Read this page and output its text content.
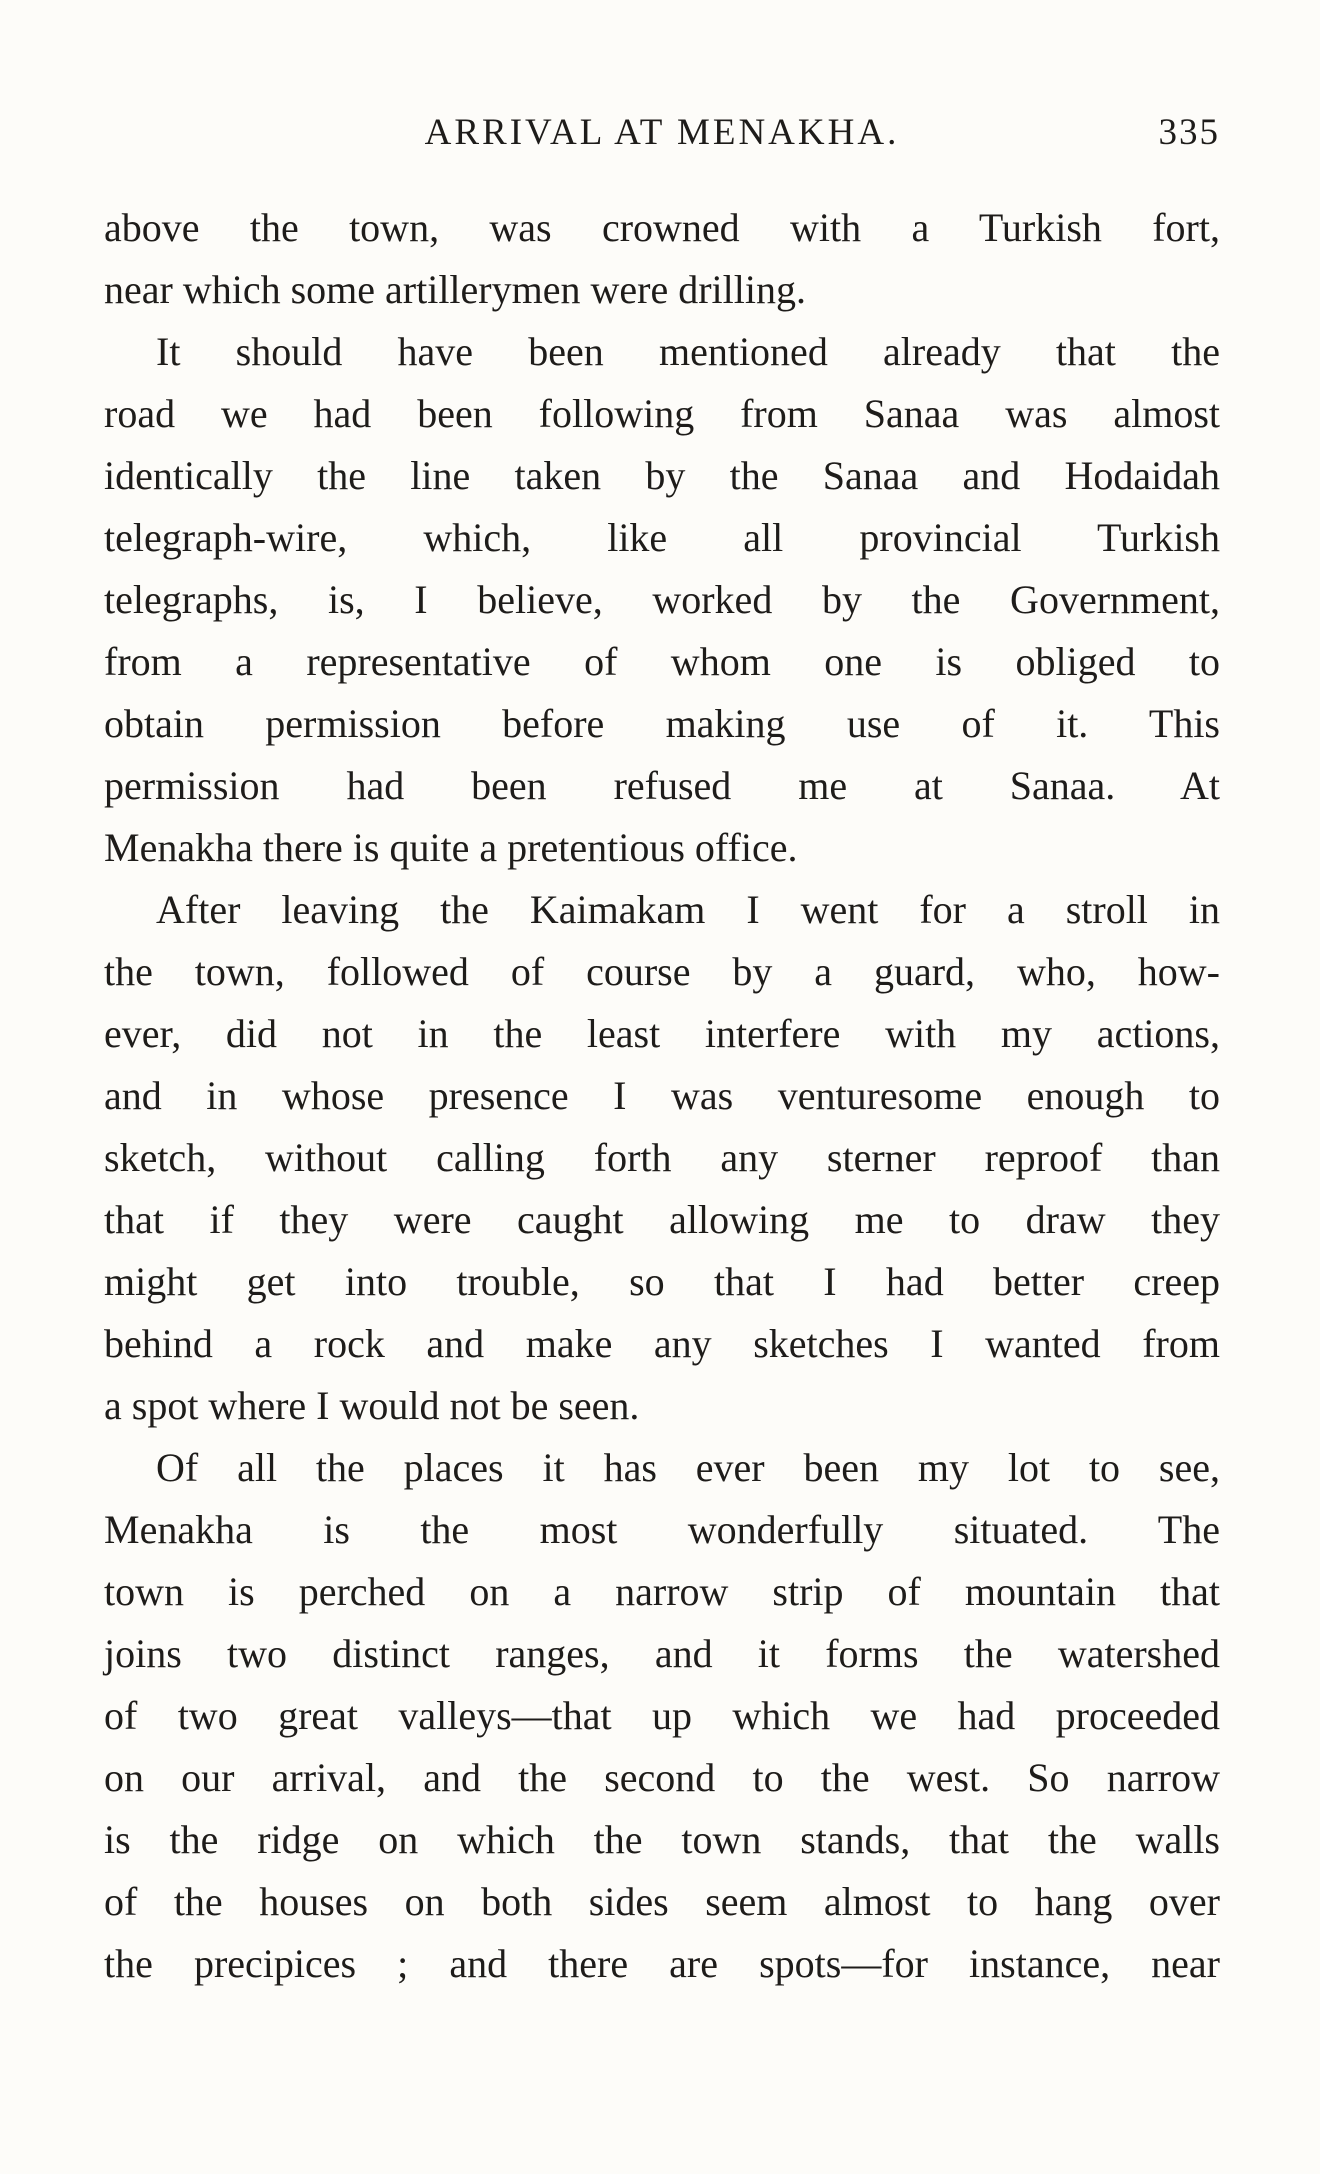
ARRIVAL AT MENAKHA.	335
above the town, was crowned with a Turkish fort,
near which some artillerymen were drilling.
It should have been mentioned already that the
road we had been following from Sanaa was almost
identically the line taken by the Sanaa and Hodaidah
telegraph-wire, which, like all provincial Turkish
telegraphs, is, I believe, worked by the Government,
from a representative of whom one is obliged to
obtain permission before making use of it. This
permission had been refused me at Sanaa. At
Menakha there is quite a pretentious office.
After leaving the Kaimakam I went for a stroll in
the town, followed of course by a guard, who, how-
ever, did not in the least interfere with my actions,
and in whose presence I was venturesome enough to
sketch, without calling forth any sterner reproof than
that if they were caught allowing me to draw they
might get into trouble, so that I had better creep
behind a rock and make any sketches I wanted from
a spot where I would not be seen.
Of all the places it has ever been my lot to see,
Menakha is the most wonderfully situated. The
town is perched on a narrow strip of mountain that
joins two distinct ranges, and it forms the watershed
of two great valleys—that up which we had proceeded
on our arrival, and the second to the west. So narrow
is the ridge on which the town stands, that the walls
of the houses on both sides seem almost to hang over
the precipices ; and there are spots—for instance, near
